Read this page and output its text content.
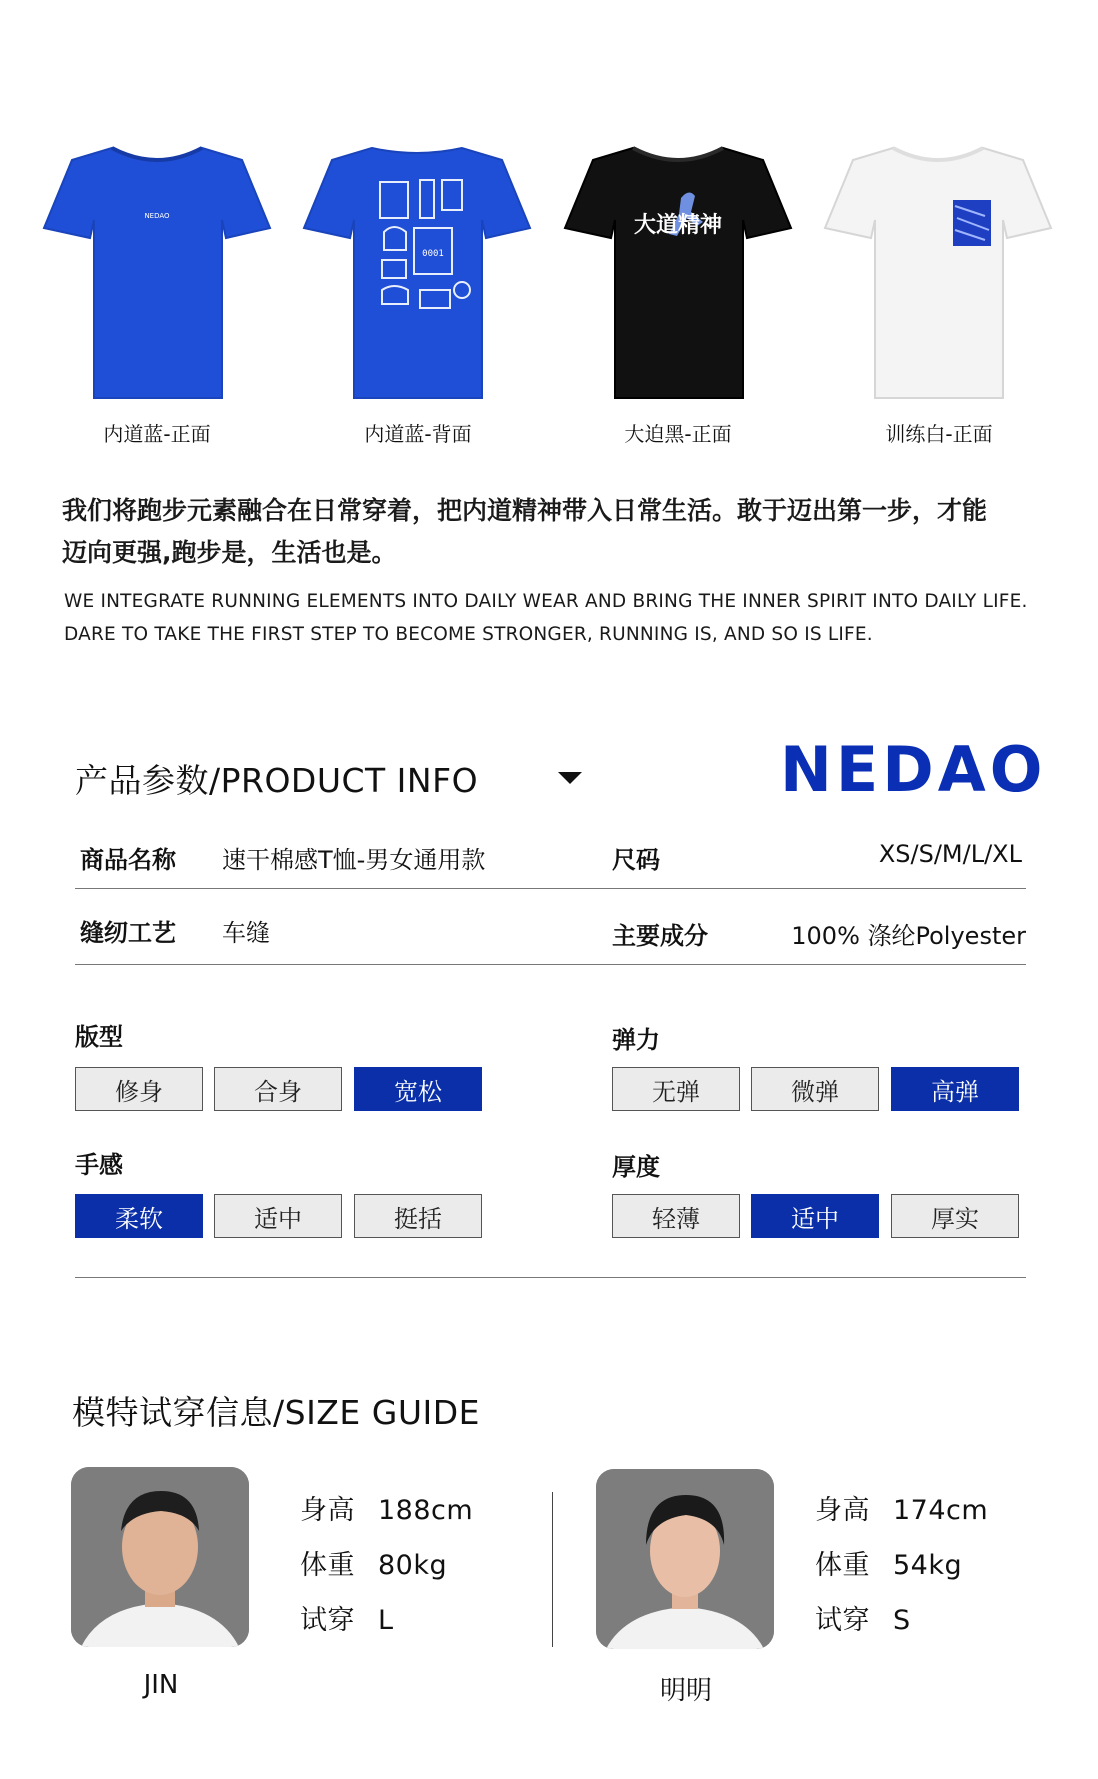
NEDAO
0001
大道精神
内道蓝-正面	内道蓝-背面	大迫黑-正面	训练白-正面
我们将跑步元素融合在日常穿着，把内道精神带入日常生活。敢于迈出第一步，才能
迈向更强,跑步是，生活也是。
WE INTEGRATE RUNNING ELEMENTS INTO DAILY WEAR AND BRING THE INNER SPIRIT INTO DAILY LIFE.
DARE TO TAKE THE FIRST STEP TO BECOME STRONGER, RUNNING IS, AND SO IS LIFE.
产品参数/PRODUCT INFO	NEDAO
商品名称 速干棉感T恤-男女通用款	尺码	XS/S/M/L/XL
缝纫工艺 车缝	主要成分	100% 涤纶Polyester
版型
修身	合身	宽松
弹力
无弹	微弹	高弹
手感
柔软	适中	挺括
厚度
轻薄	适中	厚实
模特试穿信息/SIZE GUIDE
身高 188cm
体重 80kg
试穿 L
JIN
身高 174cm
体重 54kg
试穿 S
明明
